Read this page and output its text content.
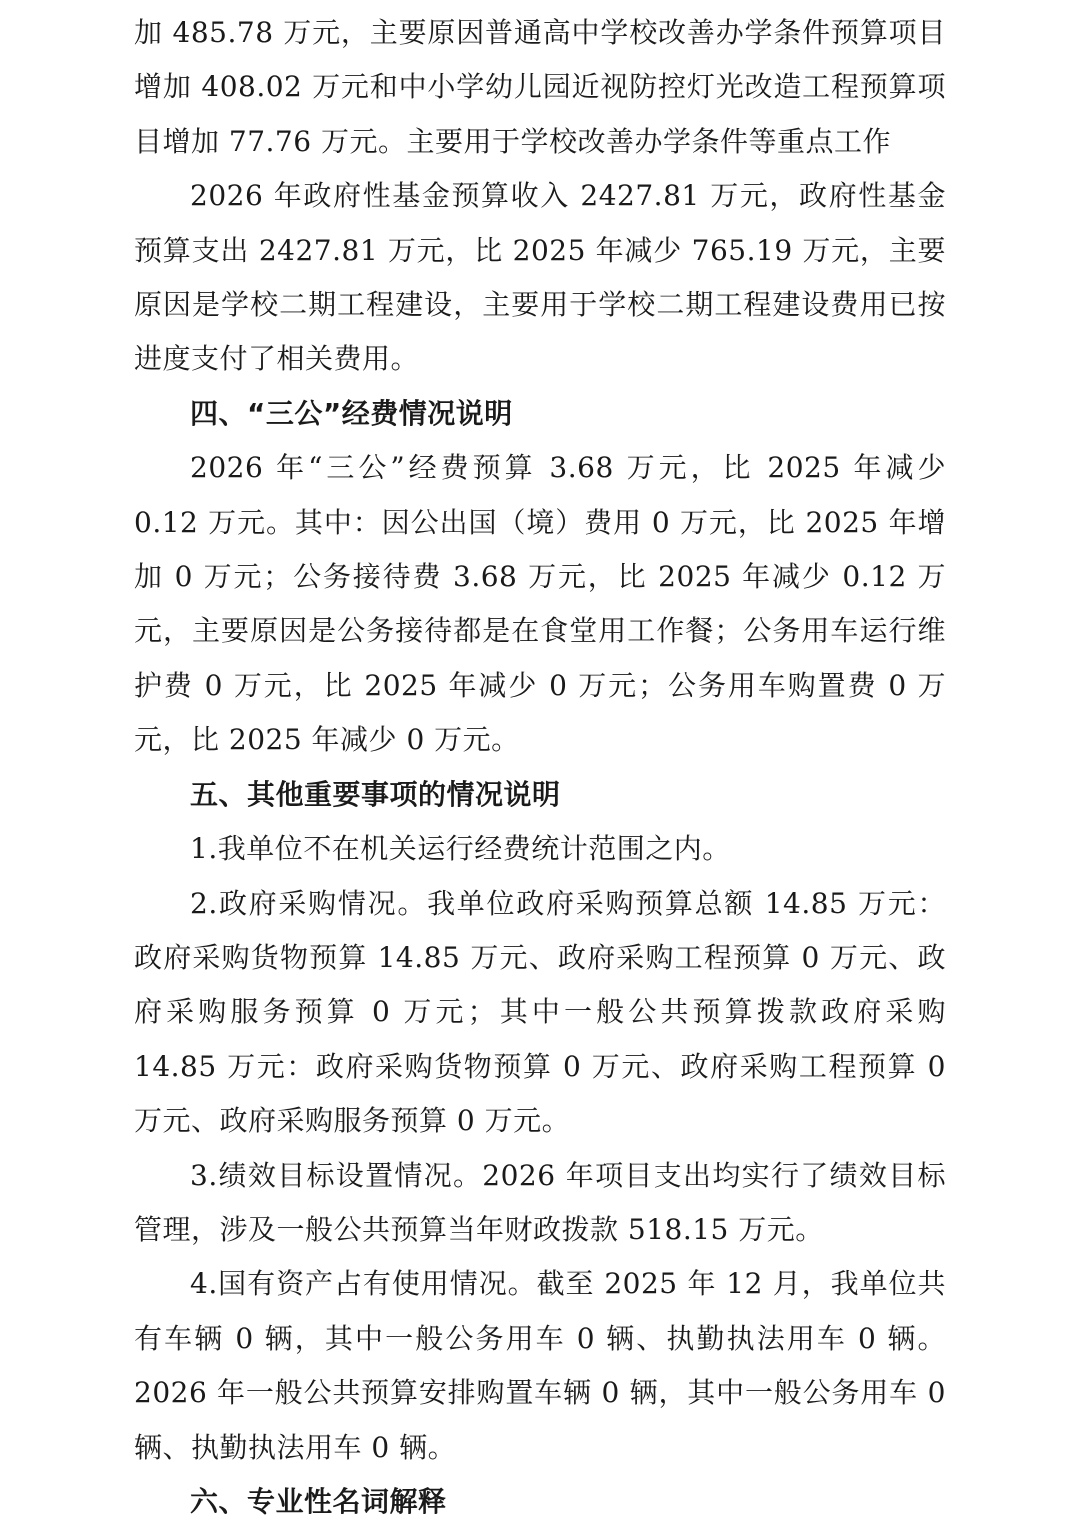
加 485.78 万元，主要原因普通高中学校改善办学条件预算项目增加 408.02 万元和中小学幼儿园近视防控灯光改造工程预算项目增加 77.76 万元。主要用于学校改善办学条件等重点工作

2026 年政府性基金预算收入 2427.81 万元，政府性基金预算支出 2427.81 万元，比 2025 年减少 765.19 万元，主要原因是学校二期工程建设，主要用于学校二期工程建设费用已按进度支付了相关费用。

四、“三公”经费情况说明

2026 年“三公”经费预算 3.68 万元，比 2025 年减少 0.12 万元。其中：因公出国（境）费用 0 万元，比 2025 年增加 0 万元；公务接待费 3.68 万元，比 2025 年减少 0.12 万元，主要原因是公务接待都是在食堂用工作餐；公务用车运行维护费 0 万元，比 2025 年减少 0 万元；公务用车购置费 0 万元，比 2025 年减少 0 万元。

五、其他重要事项的情况说明

1.我单位不在机关运行经费统计范围之内。

2.政府采购情况。我单位政府采购预算总额 14.85 万元：政府采购货物预算 14.85 万元、政府采购工程预算 0 万元、政府采购服务预算 0 万元；其中一般公共预算拨款政府采购 14.85 万元：政府采购货物预算 0 万元、政府采购工程预算 0 万元、政府采购服务预算 0 万元。

3.绩效目标设置情况。2026 年项目支出均实行了绩效目标管理，涉及一般公共预算当年财政拨款 518.15 万元。

4.国有资产占有使用情况。截至 2025 年 12 月，我单位共有车辆 0 辆，其中一般公务用车 0 辆、执勤执法用车 0 辆。2026 年一般公共预算安排购置车辆 0 辆，其中一般公务用车 0 辆、执勤执法用车 0 辆。

六、专业性名词解释
